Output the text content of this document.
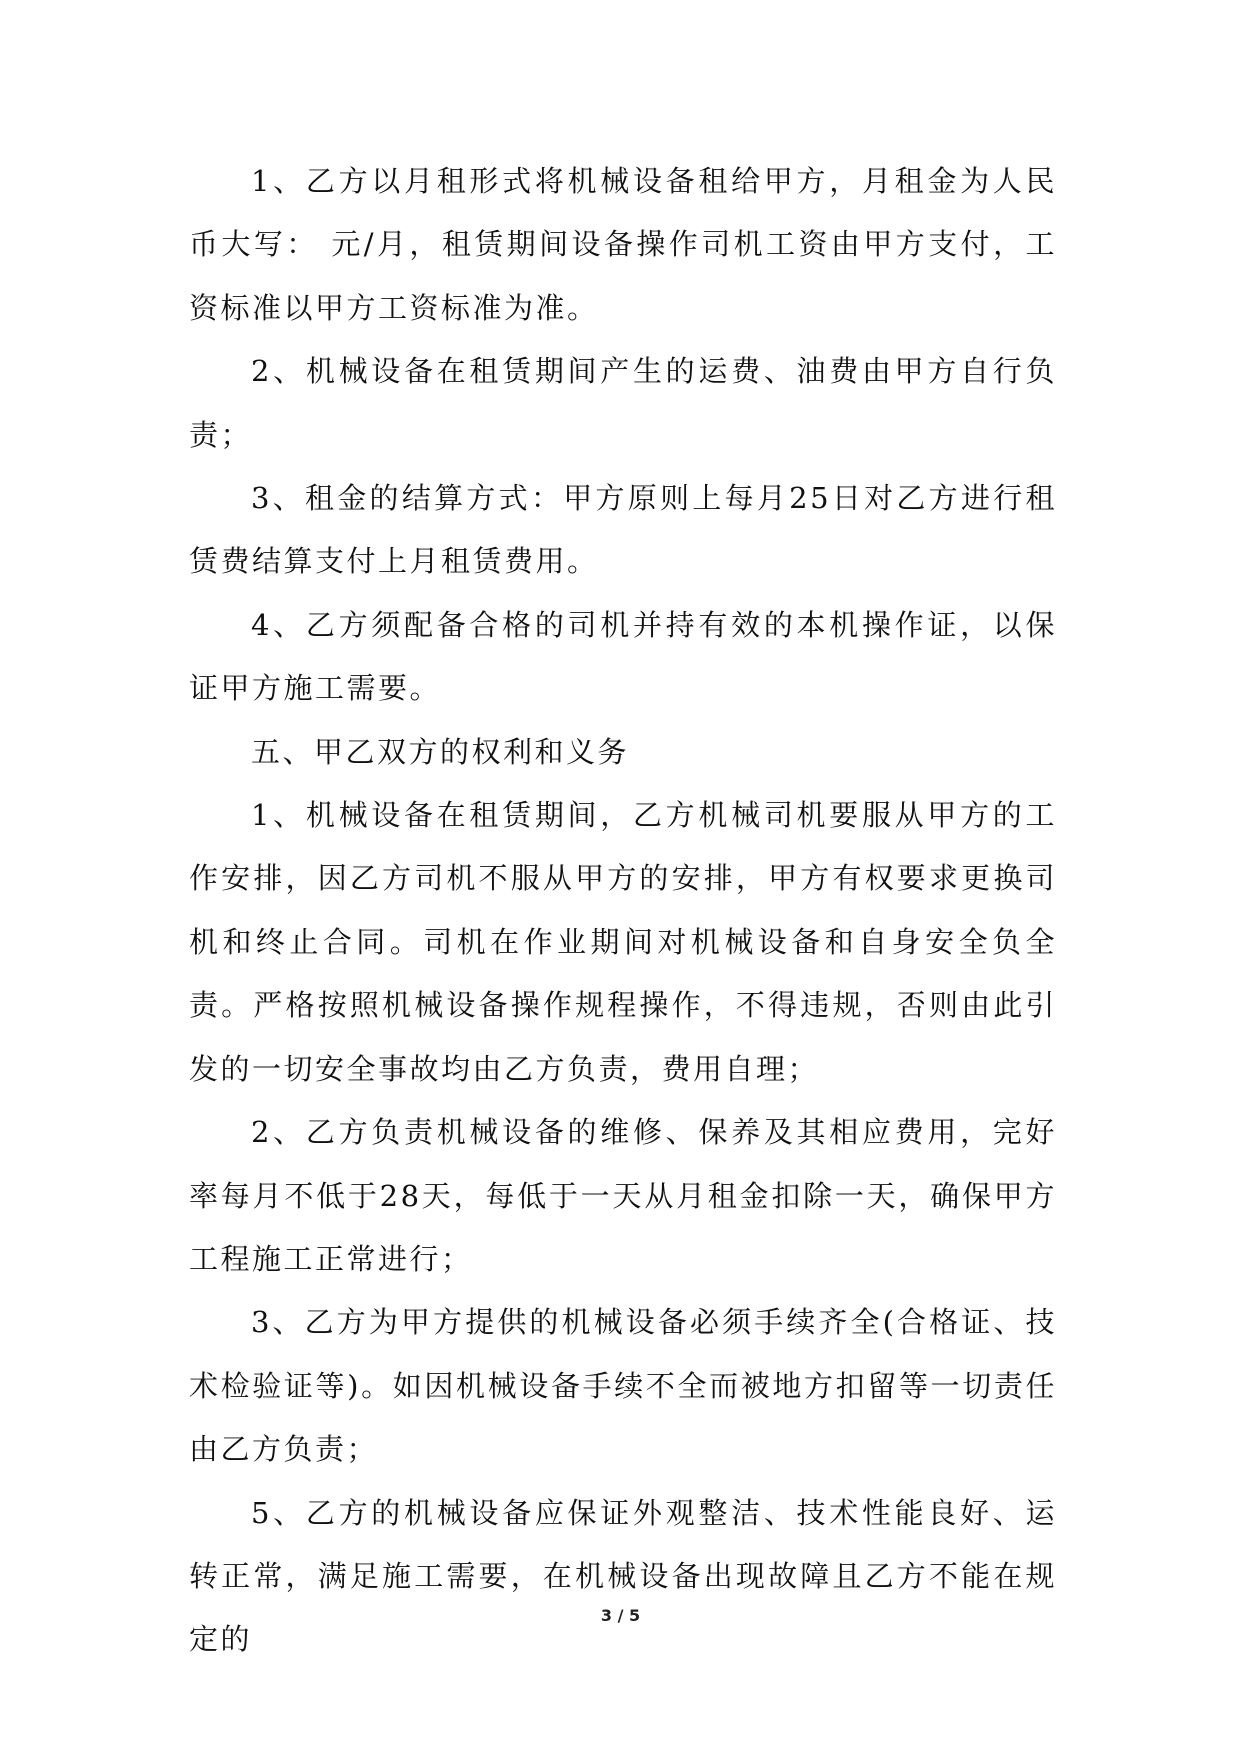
1、乙方以月租形式将机械设备租给甲方，月租金为人民币大写： 元/月，租赁期间设备操作司机工资由甲方支付，工资标准以甲方工资标准为准。

2、机械设备在租赁期间产生的运费、油费由甲方自行负责；

3、租金的结算方式：甲方原则上每月25日对乙方进行租赁费结算支付上月租赁费用。

4、乙方须配备合格的司机并持有效的本机操作证，以保证甲方施工需要。

五、甲乙双方的权利和义务

1、机械设备在租赁期间，乙方机械司机要服从甲方的工作安排，因乙方司机不服从甲方的安排，甲方有权要求更换司机和终止合同。司机在作业期间对机械设备和自身安全负全责。严格按照机械设备操作规程操作，不得违规，否则由此引发的一切安全事故均由乙方负责，费用自理；

2、乙方负责机械设备的维修、保养及其相应费用，完好率每月不低于28天，每低于一天从月租金扣除一天，确保甲方工程施工正常进行；

3、乙方为甲方提供的机械设备必须手续齐全(合格证、技术检验证等)。如因机械设备手续不全而被地方扣留等一切责任由乙方负责；

5、乙方的机械设备应保证外观整洁、技术性能良好、运转正常，满足施工需要，在机械设备出现故障且乙方不能在规定的

3 / 5
